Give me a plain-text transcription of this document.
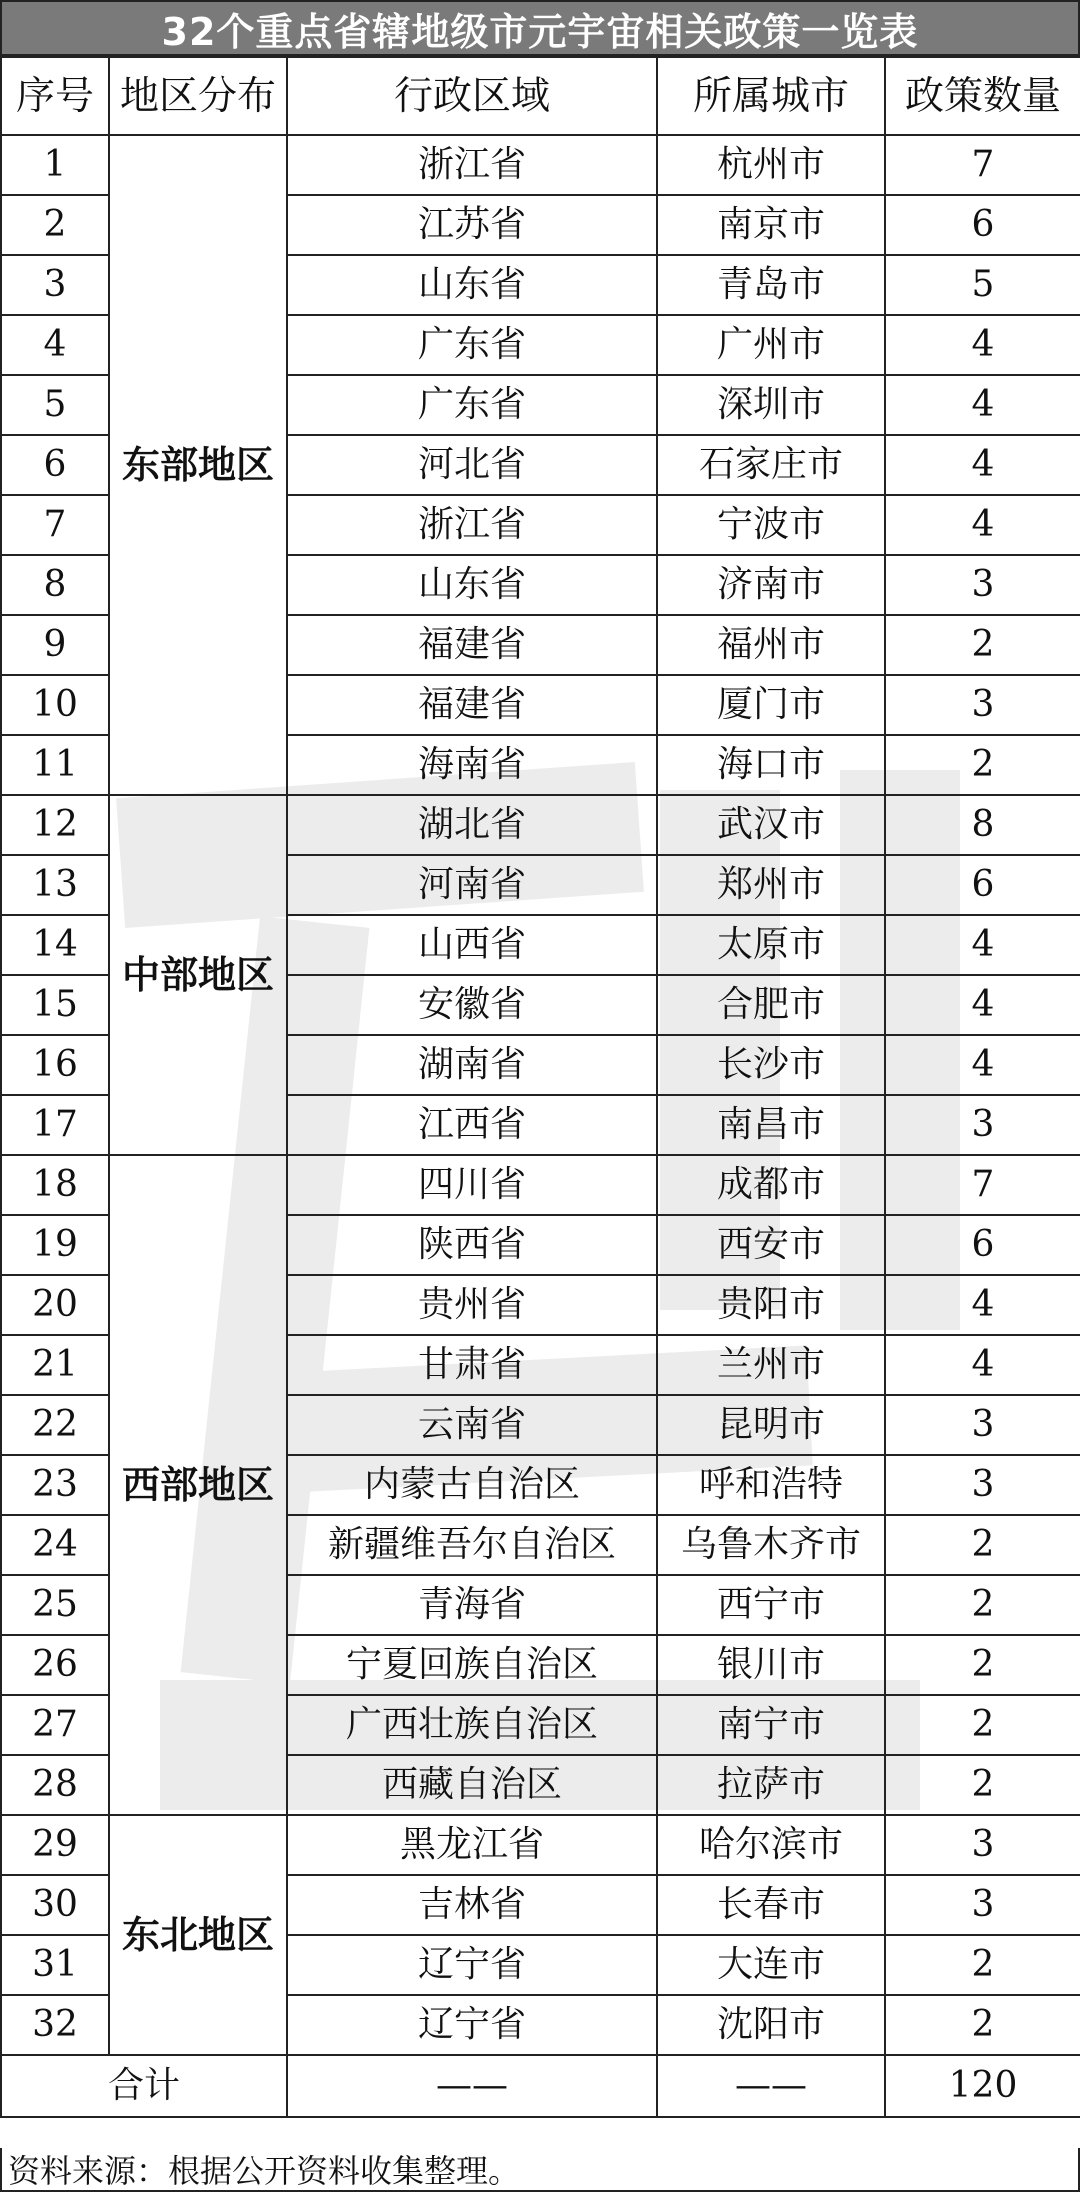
32个重点省辖地级市元宇宙相关政策一览表
序号	地区分布	行政区域	所属城市	政策数量
1	东部地区	浙江省	杭州市	7
2		江苏省	南京市	6
3		山东省	青岛市	5
4		广东省	广州市	4
5		广东省	深圳市	4
6		河北省	石家庄市	4
7		浙江省	宁波市	4
8		山东省	济南市	3
9		福建省	福州市	2
10		福建省	厦门市	3
11		海南省	海口市	2
12	中部地区	湖北省	武汉市	8
13		河南省	郑州市	6
14		山西省	太原市	4
15		安徽省	合肥市	4
16		湖南省	长沙市	4
17		江西省	南昌市	3
18	西部地区	四川省	成都市	7
19		陕西省	西安市	6
20		贵州省	贵阳市	4
21		甘肃省	兰州市	4
22		云南省	昆明市	3
23		内蒙古自治区	呼和浩特	3
24		新疆维吾尔自治区	乌鲁木齐市	2
25		青海省	西宁市	2
26		宁夏回族自治区	银川市	2
27		广西壮族自治区	南宁市	2
28		西藏自治区	拉萨市	2
29	东北地区	黑龙江省	哈尔滨市	3
30		吉林省	长春市	3
31		辽宁省	大连市	2
32		辽宁省	沈阳市	2
合计		——	——	120
资料来源：根据公开资料收集整理。
